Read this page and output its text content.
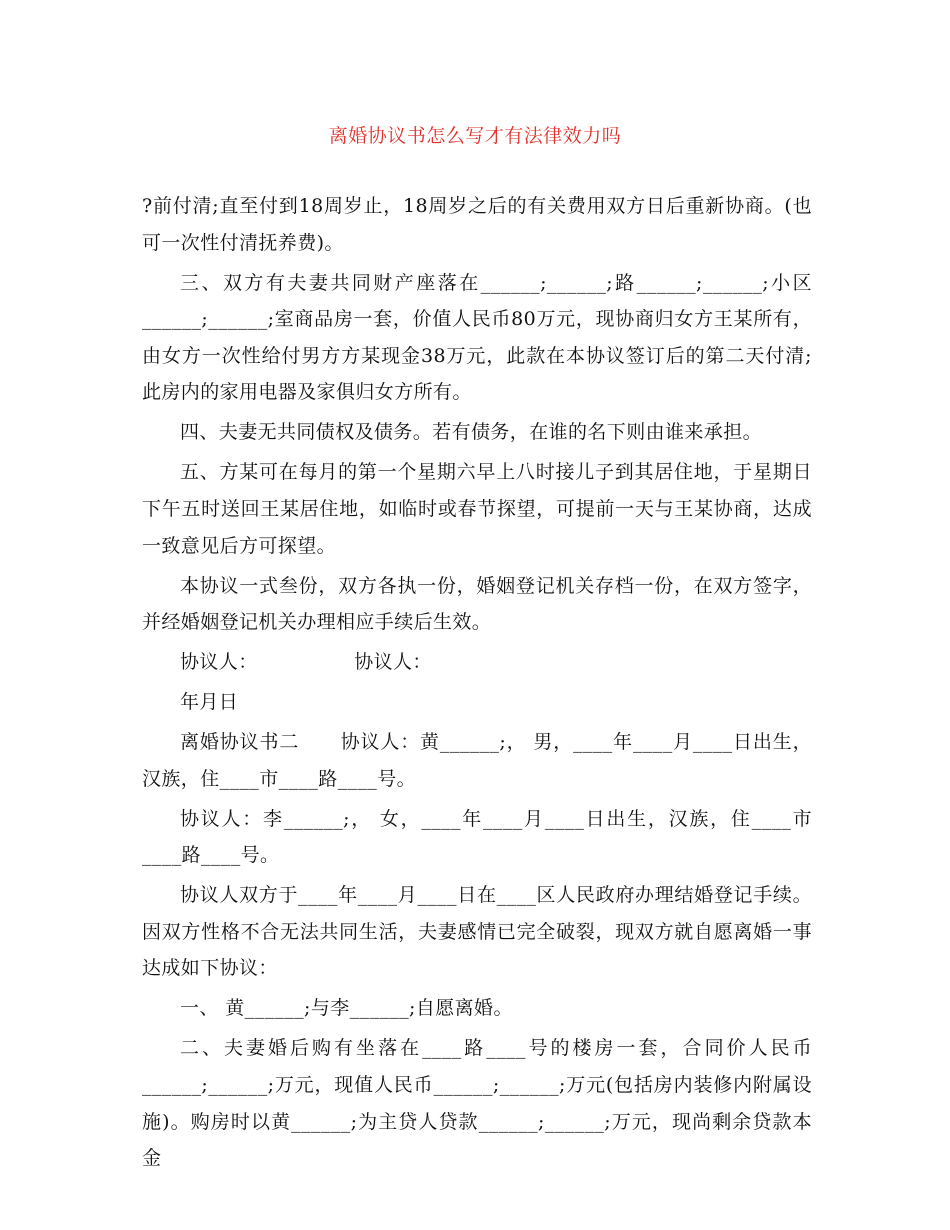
离婚协议书怎么写才有法律效力吗

?前付清;直至付到18周岁止，18周岁之后的有关费用双方日后重新协商。(也可一次性付清抚养费)。

三、双方有夫妻共同财产座落在______;______;路______;______;小区______;______;室商品房一套，价值人民币80万元，现协商归女方王某所有，由女方一次性给付男方方某现金38万元，此款在本协议签订后的第二天付清;此房内的家用电器及家俱归女方所有。

四、夫妻无共同债权及债务。若有债务，在谁的名下则由谁来承担。

五、方某可在每月的第一个星期六早上八时接儿子到其居住地，于星期日下午五时送回王某居住地，如临时或春节探望，可提前一天与王某协商，达成一致意见后方可探望。

本协议一式叁份，双方各执一份，婚姻登记机关存档一份，在双方签字，并经婚姻登记机关办理相应手续后生效。

协议人：               协议人：

年月日

离婚协议书二      协议人：黄______;， 男，____年____月____日出生，汉族，住____市____路____号。

协议人：李______;， 女，____年____月____日出生，汉族，住____市____路____号。

协议人双方于____年____月____日在____区人民政府办理结婚登记手续。因双方性格不合无法共同生活，夫妻感情已完全破裂，现双方就自愿离婚一事达成如下协议：

一、 黄______;与李______;自愿离婚。

二、夫妻婚后购有坐落在____路____号的楼房一套，合同价人民币______;______;万元，现值人民币______;______;万元(包括房内装修内附属设施)。购房时以黄______;为主贷人贷款______;______;万元，现尚剩余贷款本金
